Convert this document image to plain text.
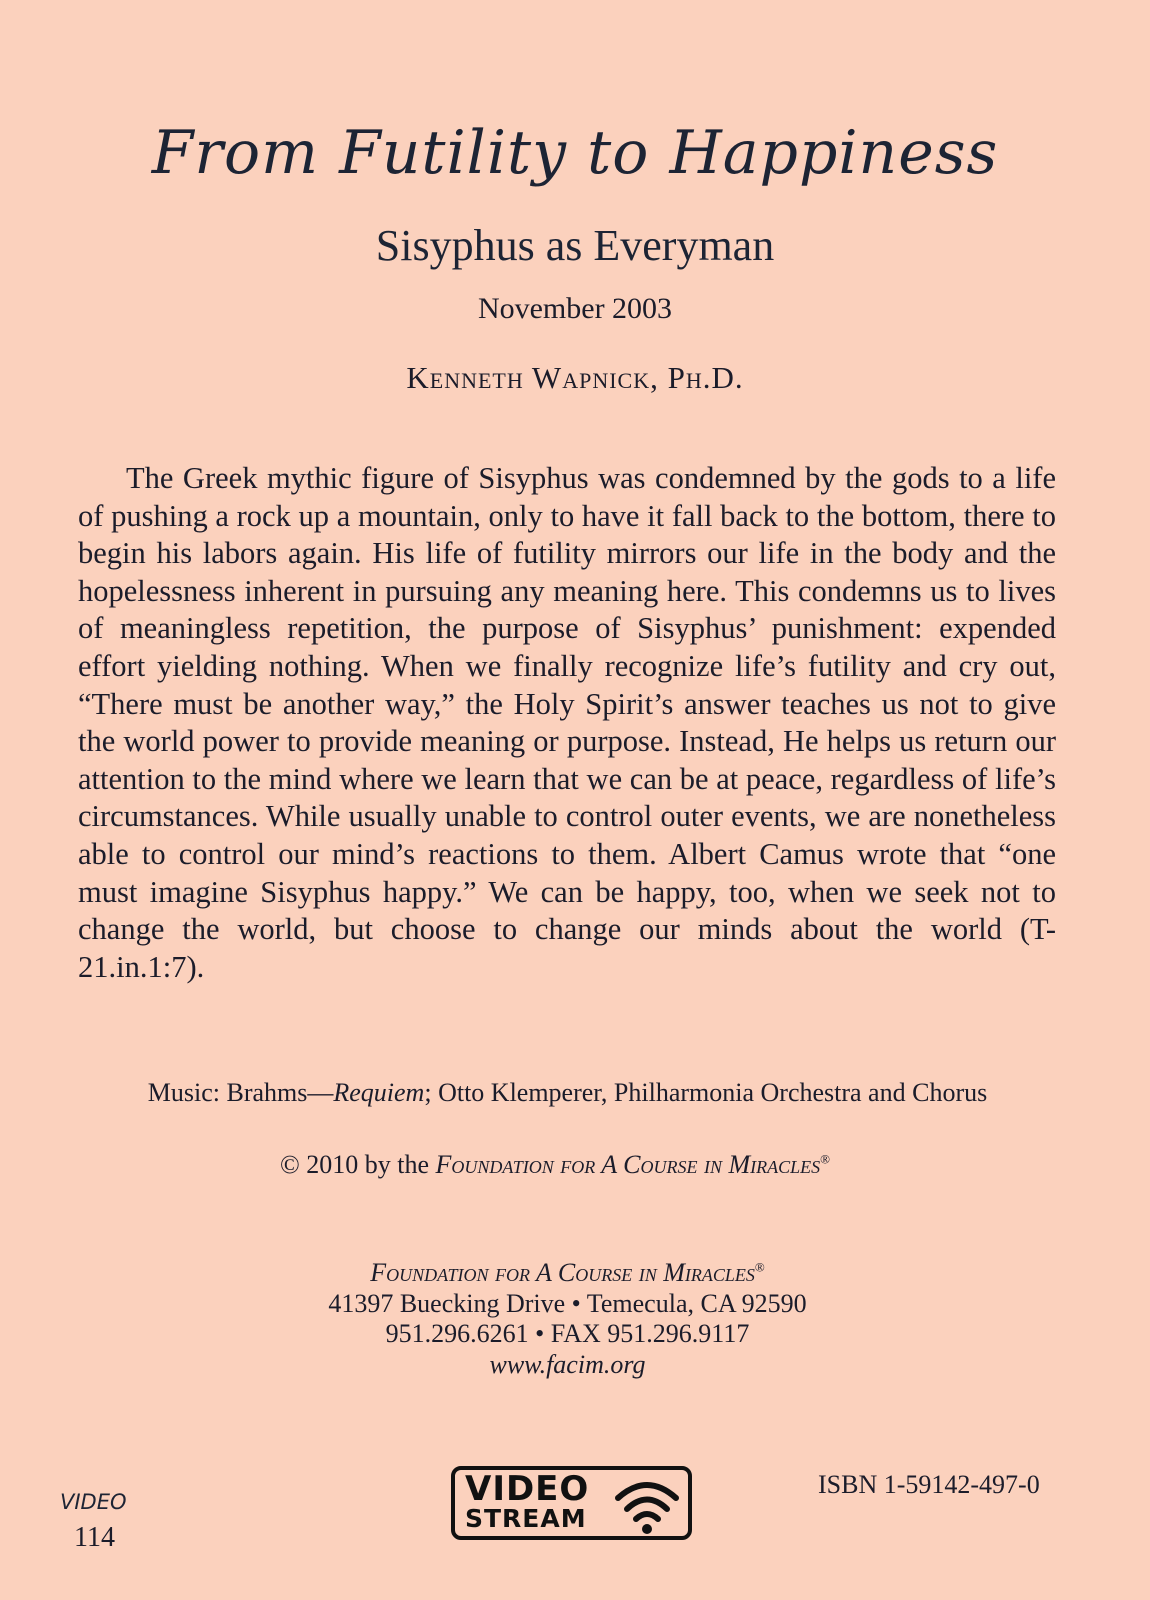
From Futility to Happiness
Sisyphus as Everyman
November 2003
Kenneth Wapnick, Ph.D.

The Greek mythic figure of Sisyphus was condemned by the gods to a life of pushing a rock up a mountain, only to have it fall back to the bottom, there to begin his labors again. His life of futility mirrors our life in the body and the hopelessness inherent in pursuing any meaning here. This condemns us to lives of meaningless repetition, the purpose of Sisyphus’ punishment: expended effort yielding nothing. When we finally recognize life’s futility and cry out, “There must be another way,” the Holy Spirit’s answer teaches us not to give the world power to provide meaning or purpose. Instead, He helps us return our attention to the mind where we learn that we can be at peace, regardless of life’s circumstances. While usually unable to control outer events, we are nonetheless able to control our mind’s reactions to them. Albert Camus wrote that “one must imagine Sisyphus happy.” We can be happy, too, when we seek not to change the world, but choose to change our minds about the world (T-21.in.1:7).

Music: Brahms—Requiem; Otto Klemperer, Philharmonia Orchestra and Chorus
© 2010 by the Foundation for A Course in Miracles®
Foundation for A Course in Miracles®
41397 Buecking Drive • Temecula, CA 92590
951.296.6261 • FAX 951.296.9117
www.facim.org
VIDEO
114
VIDEO
STREAM
ISBN 1-59142-497-0
